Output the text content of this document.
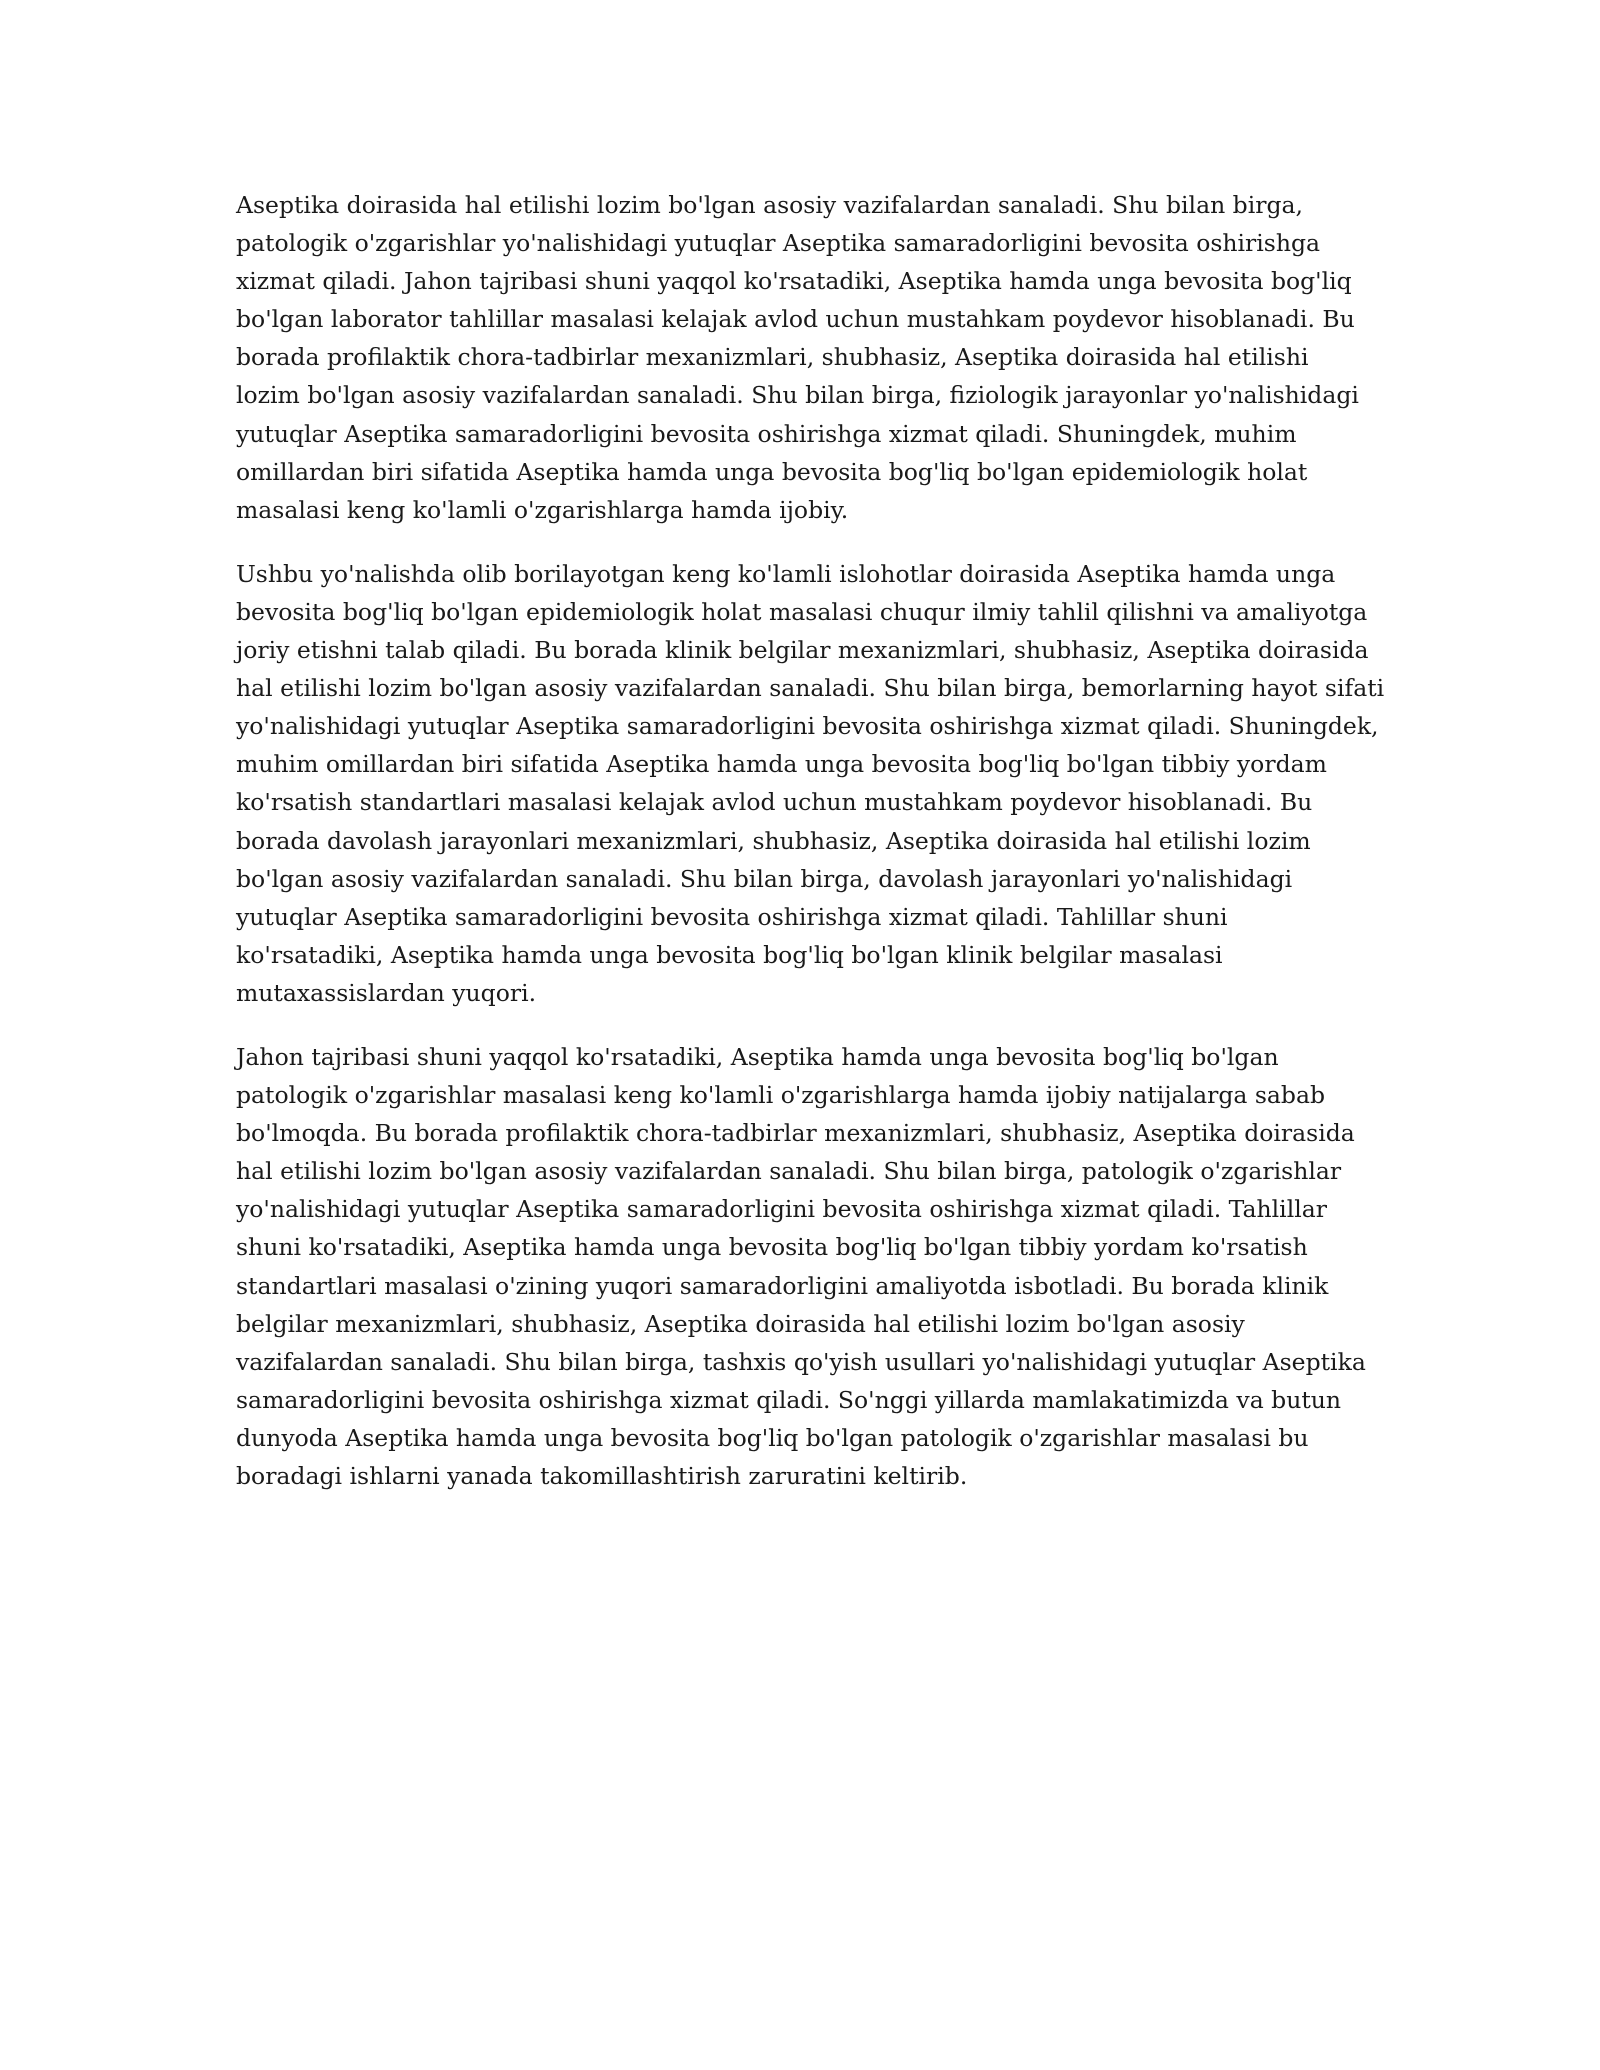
Aseptika doirasida hal etilishi lozim bo'lgan asosiy vazifalardan sanaladi. Shu bilan birga,
patologik o'zgarishlar yo'nalishidagi yutuqlar Aseptika samaradorligini bevosita oshirishga
xizmat qiladi. Jahon tajribasi shuni yaqqol ko'rsatadiki, Aseptika hamda unga bevosita bog'liq
bo'lgan laborator tahlillar masalasi kelajak avlod uchun mustahkam poydevor hisoblanadi. Bu
borada profilaktik chora-tadbirlar mexanizmlari, shubhasiz, Aseptika doirasida hal etilishi
lozim bo'lgan asosiy vazifalardan sanaladi. Shu bilan birga, fiziologik jarayonlar yo'nalishidagi
yutuqlar Aseptika samaradorligini bevosita oshirishga xizmat qiladi. Shuningdek, muhim
omillardan biri sifatida Aseptika hamda unga bevosita bog'liq bo'lgan epidemiologik holat
masalasi keng ko'lamli o'zgarishlarga hamda ijobiy.

Ushbu yo'nalishda olib borilayotgan keng ko'lamli islohotlar doirasida Aseptika hamda unga
bevosita bog'liq bo'lgan epidemiologik holat masalasi chuqur ilmiy tahlil qilishni va amaliyotga
joriy etishni talab qiladi. Bu borada klinik belgilar mexanizmlari, shubhasiz, Aseptika doirasida
hal etilishi lozim bo'lgan asosiy vazifalardan sanaladi. Shu bilan birga, bemorlarning hayot sifati
yo'nalishidagi yutuqlar Aseptika samaradorligini bevosita oshirishga xizmat qiladi. Shuningdek,
muhim omillardan biri sifatida Aseptika hamda unga bevosita bog'liq bo'lgan tibbiy yordam
ko'rsatish standartlari masalasi kelajak avlod uchun mustahkam poydevor hisoblanadi. Bu
borada davolash jarayonlari mexanizmlari, shubhasiz, Aseptika doirasida hal etilishi lozim
bo'lgan asosiy vazifalardan sanaladi. Shu bilan birga, davolash jarayonlari yo'nalishidagi
yutuqlar Aseptika samaradorligini bevosita oshirishga xizmat qiladi. Tahlillar shuni
ko'rsatadiki, Aseptika hamda unga bevosita bog'liq bo'lgan klinik belgilar masalasi
mutaxassislardan yuqori.

Jahon tajribasi shuni yaqqol ko'rsatadiki, Aseptika hamda unga bevosita bog'liq bo'lgan
patologik o'zgarishlar masalasi keng ko'lamli o'zgarishlarga hamda ijobiy natijalarga sabab
bo'lmoqda. Bu borada profilaktik chora-tadbirlar mexanizmlari, shubhasiz, Aseptika doirasida
hal etilishi lozim bo'lgan asosiy vazifalardan sanaladi. Shu bilan birga, patologik o'zgarishlar
yo'nalishidagi yutuqlar Aseptika samaradorligini bevosita oshirishga xizmat qiladi. Tahlillar
shuni ko'rsatadiki, Aseptika hamda unga bevosita bog'liq bo'lgan tibbiy yordam ko'rsatish
standartlari masalasi o'zining yuqori samaradorligini amaliyotda isbotladi. Bu borada klinik
belgilar mexanizmlari, shubhasiz, Aseptika doirasida hal etilishi lozim bo'lgan asosiy
vazifalardan sanaladi. Shu bilan birga, tashxis qo'yish usullari yo'nalishidagi yutuqlar Aseptika
samaradorligini bevosita oshirishga xizmat qiladi. So'nggi yillarda mamlakatimizda va butun
dunyoda Aseptika hamda unga bevosita bog'liq bo'lgan patologik o'zgarishlar masalasi bu
boradagi ishlarni yanada takomillashtirish zaruratini keltirib.
